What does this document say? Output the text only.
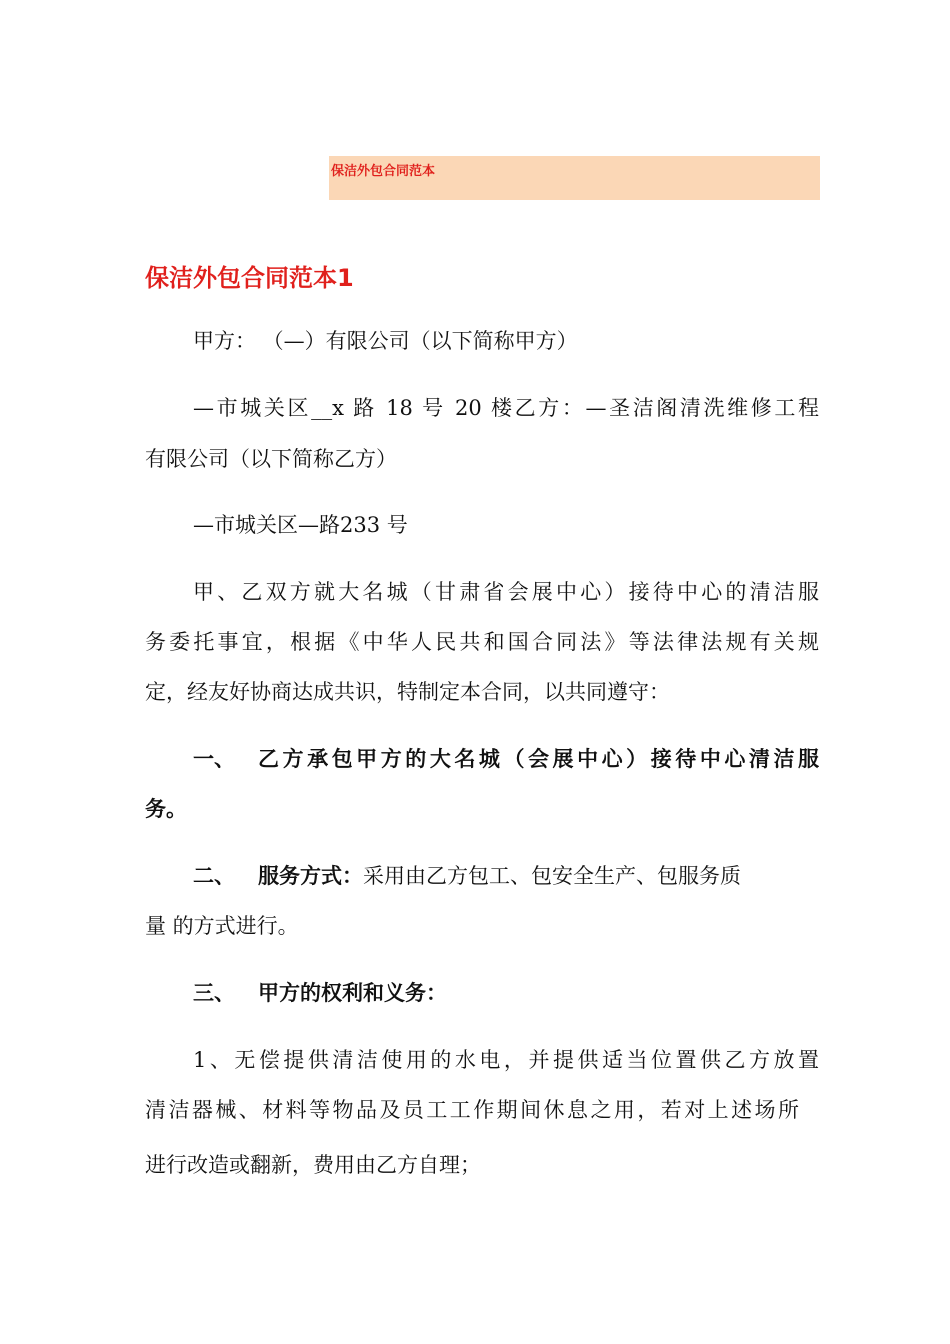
保洁外包合同范本
保洁外包合同范本1
甲方： （—）有限公司（以下简称甲方）
—市城关区__x 路 18 号 20 楼乙方：—圣洁阁清洗维修工程
有限公司（以下简称乙方）
—市城关区—路233 号
甲、乙双方就大名城（甘肃省会展中心）接待中心的清洁服
务委托事宜，根据《中华人民共和国合同法》等法律法规有关规
定，经友好协商达成共识，特制定本合同，以共同遵守：
一、 乙方承包甲方的大名城（会展中心）接待中心清洁服
务。
二、 服务方式：采用由乙方包工、包安全生产、包服务质
量 的方式进行。
三、 甲方的权利和义务：
1、无偿提供清洁使用的水电，并提供适当位置供乙方放置
清洁器械、材料等物品及员工工作期间休息之用，若对上述场所
进行改造或翻新，费用由乙方自理；
